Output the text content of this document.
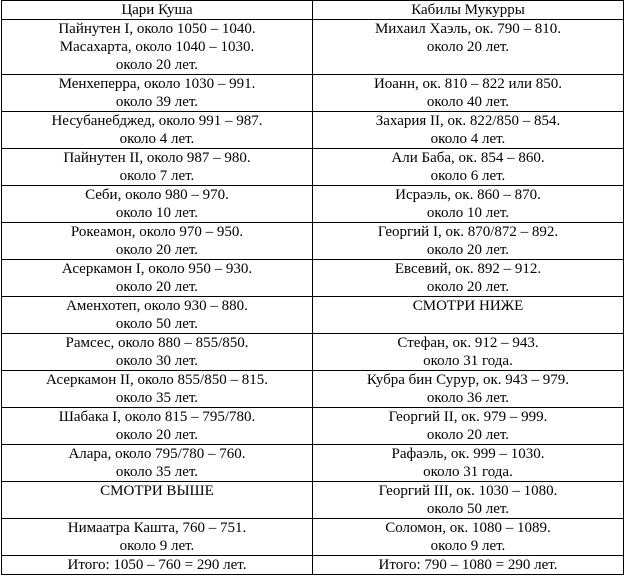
Цари Куша	Кабилы Мукурры

Пайнутен I, около 1050 – 1040.
Масахарта, около 1040 – 1030.
около 20 лет.	Михаил Хаэль, ок. 790 – 810.
около 20 лет.

Менхеперра, около 1030 – 991.
около 39 лет.	Иоанн, ок. 810 – 822 или 850.
около 40 лет.

Несубанебджед, около 991 – 987.
около 4 лет.	Захария II, ок. 822/850 – 854.
около 4 лет.

Пайнутен II, около 987 – 980.
около 7 лет.	Али Баба, ок. 854 – 860.
около 6 лет.

Себи, около 980 – 970.
около 10 лет.	Исраэль, ок. 860 – 870.
около 10 лет.

Рокеамон, около 970 – 950.
около 20 лет.	Георгий I, ок. 870/872 – 892.
около 20 лет.

Асеркамон I, около 950 – 930.
около 20 лет.	Евсевий, ок. 892 – 912.
около 20 лет.

Аменхотеп, около 930 – 880.
около 50 лет.	СМОТРИ НИЖЕ

Рамсес, около 880 – 855/850.
около 30 лет.	Стефан, ок. 912 – 943.
около 31 года.

Асеркамон II, около 855/850 – 815.
около 35 лет.	Кубра бин Сурур, ок. 943 – 979.
около 36 лет.

Шабака I, около 815 – 795/780.
около 20 лет.	Георгий II, ок. 979 – 999.
около 20 лет.

Алара, около 795/780 – 760.
около 35 лет.	Рафаэль, ок. 999 – 1030.
около 31 года.

СМОТРИ ВЫШЕ	Георгий III, ок. 1030 – 1080.
около 50 лет.

Нимаатра Кашта, 760 – 751.
около 9 лет.	Соломон, ок. 1080 – 1089.
около 9 лет.

Итого: 1050 – 760 = 290 лет.	Итого: 790 – 1080 = 290 лет.
